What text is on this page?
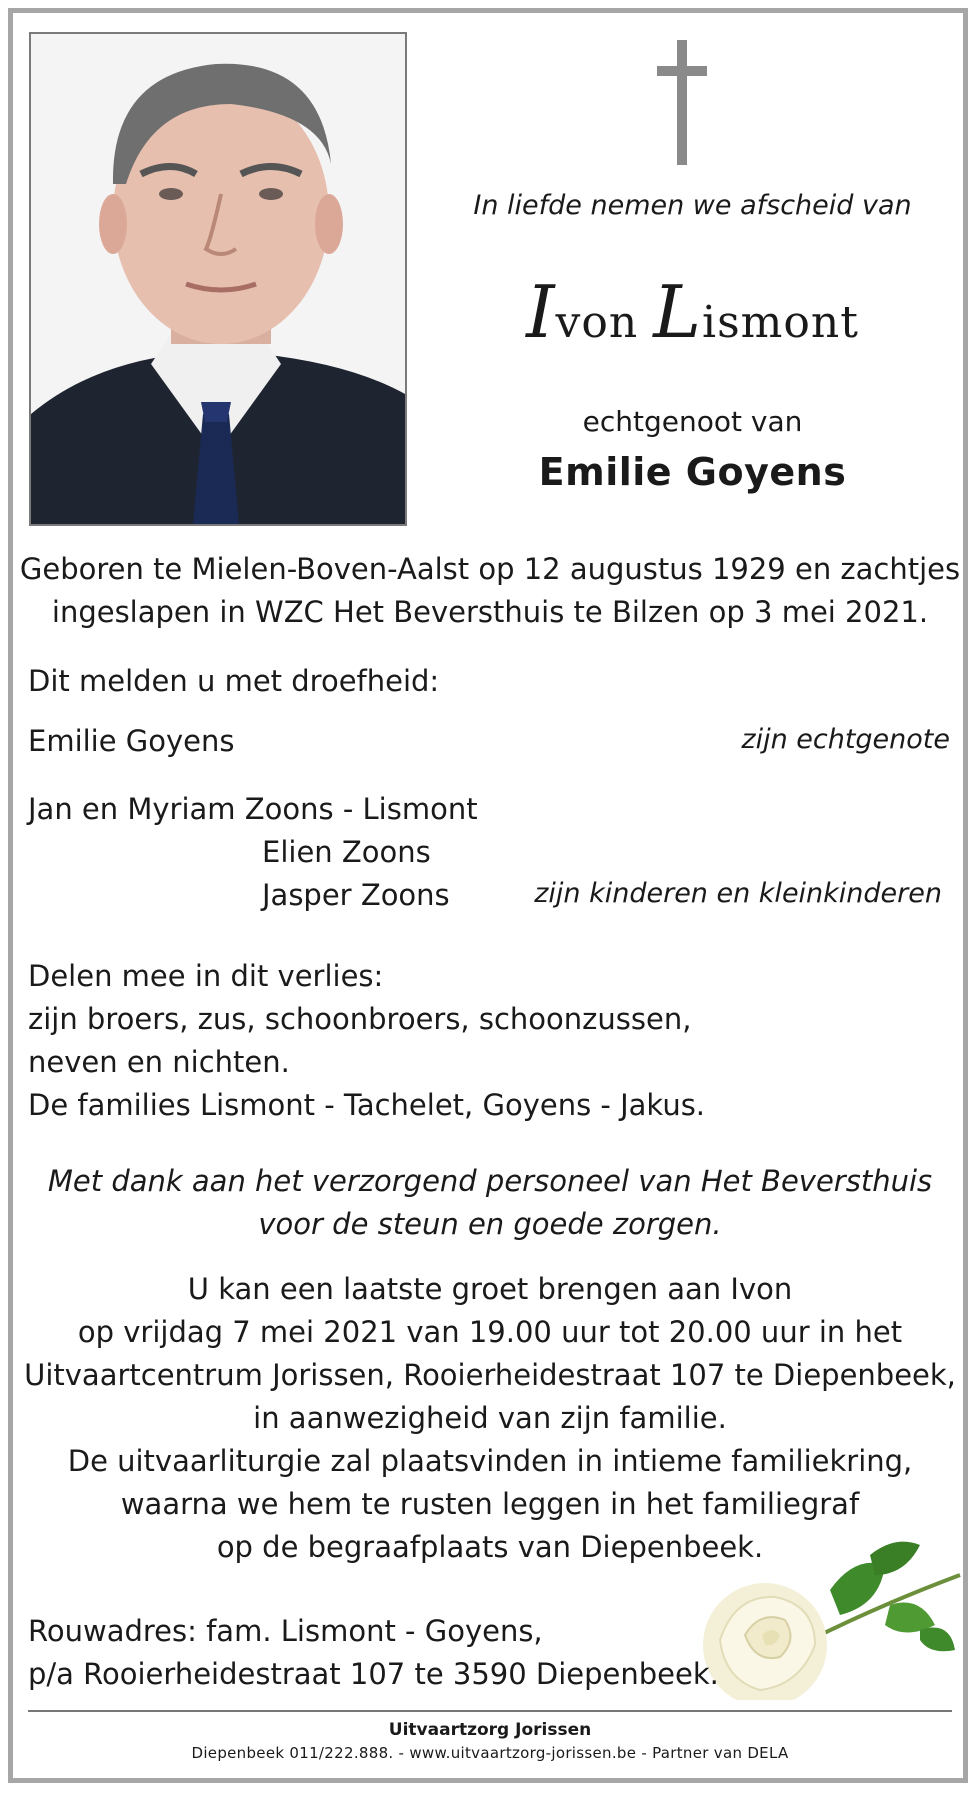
In liefde nemen we afscheid van
Ivon Lismont
echtgenoot van
Emilie Goyens
Geboren te Mielen-Boven-Aalst op 12 augustus 1929 en zachtjes
ingeslapen in WZC Het Beversthuis te Bilzen op 3 mei 2021.
Dit melden u met droefheid:
Emilie Goyens	zijn echtgenote
Jan en Myriam Zoons - Lismont
Elien Zoons
Jasper Zoons	zijn kinderen en kleinkinderen
Delen mee in dit verlies:
zijn broers, zus, schoonbroers, schoonzussen,
neven en nichten.
De families Lismont - Tachelet, Goyens - Jakus.
Met dank aan het verzorgend personeel van Het Beversthuis
voor de steun en goede zorgen.
U kan een laatste groet brengen aan Ivon
op vrijdag 7 mei 2021 van 19.00 uur tot 20.00 uur in het
Uitvaartcentrum Jorissen, Rooierheidestraat 107 te Diepenbeek,
in aanwezigheid van zijn familie.
De uitvaarliturgie zal plaatsvinden in intieme familiekring,
waarna we hem te rusten leggen in het familiegraf
op de begraafplaats van Diepenbeek.
Rouwadres: fam. Lismont - Goyens,
p/a Rooierheidestraat 107 te 3590 Diepenbeek.
Uitvaartzorg Jorissen
Diepenbeek 011/222.888. - www.uitvaartzorg-jorissen.be - Partner van DELA
